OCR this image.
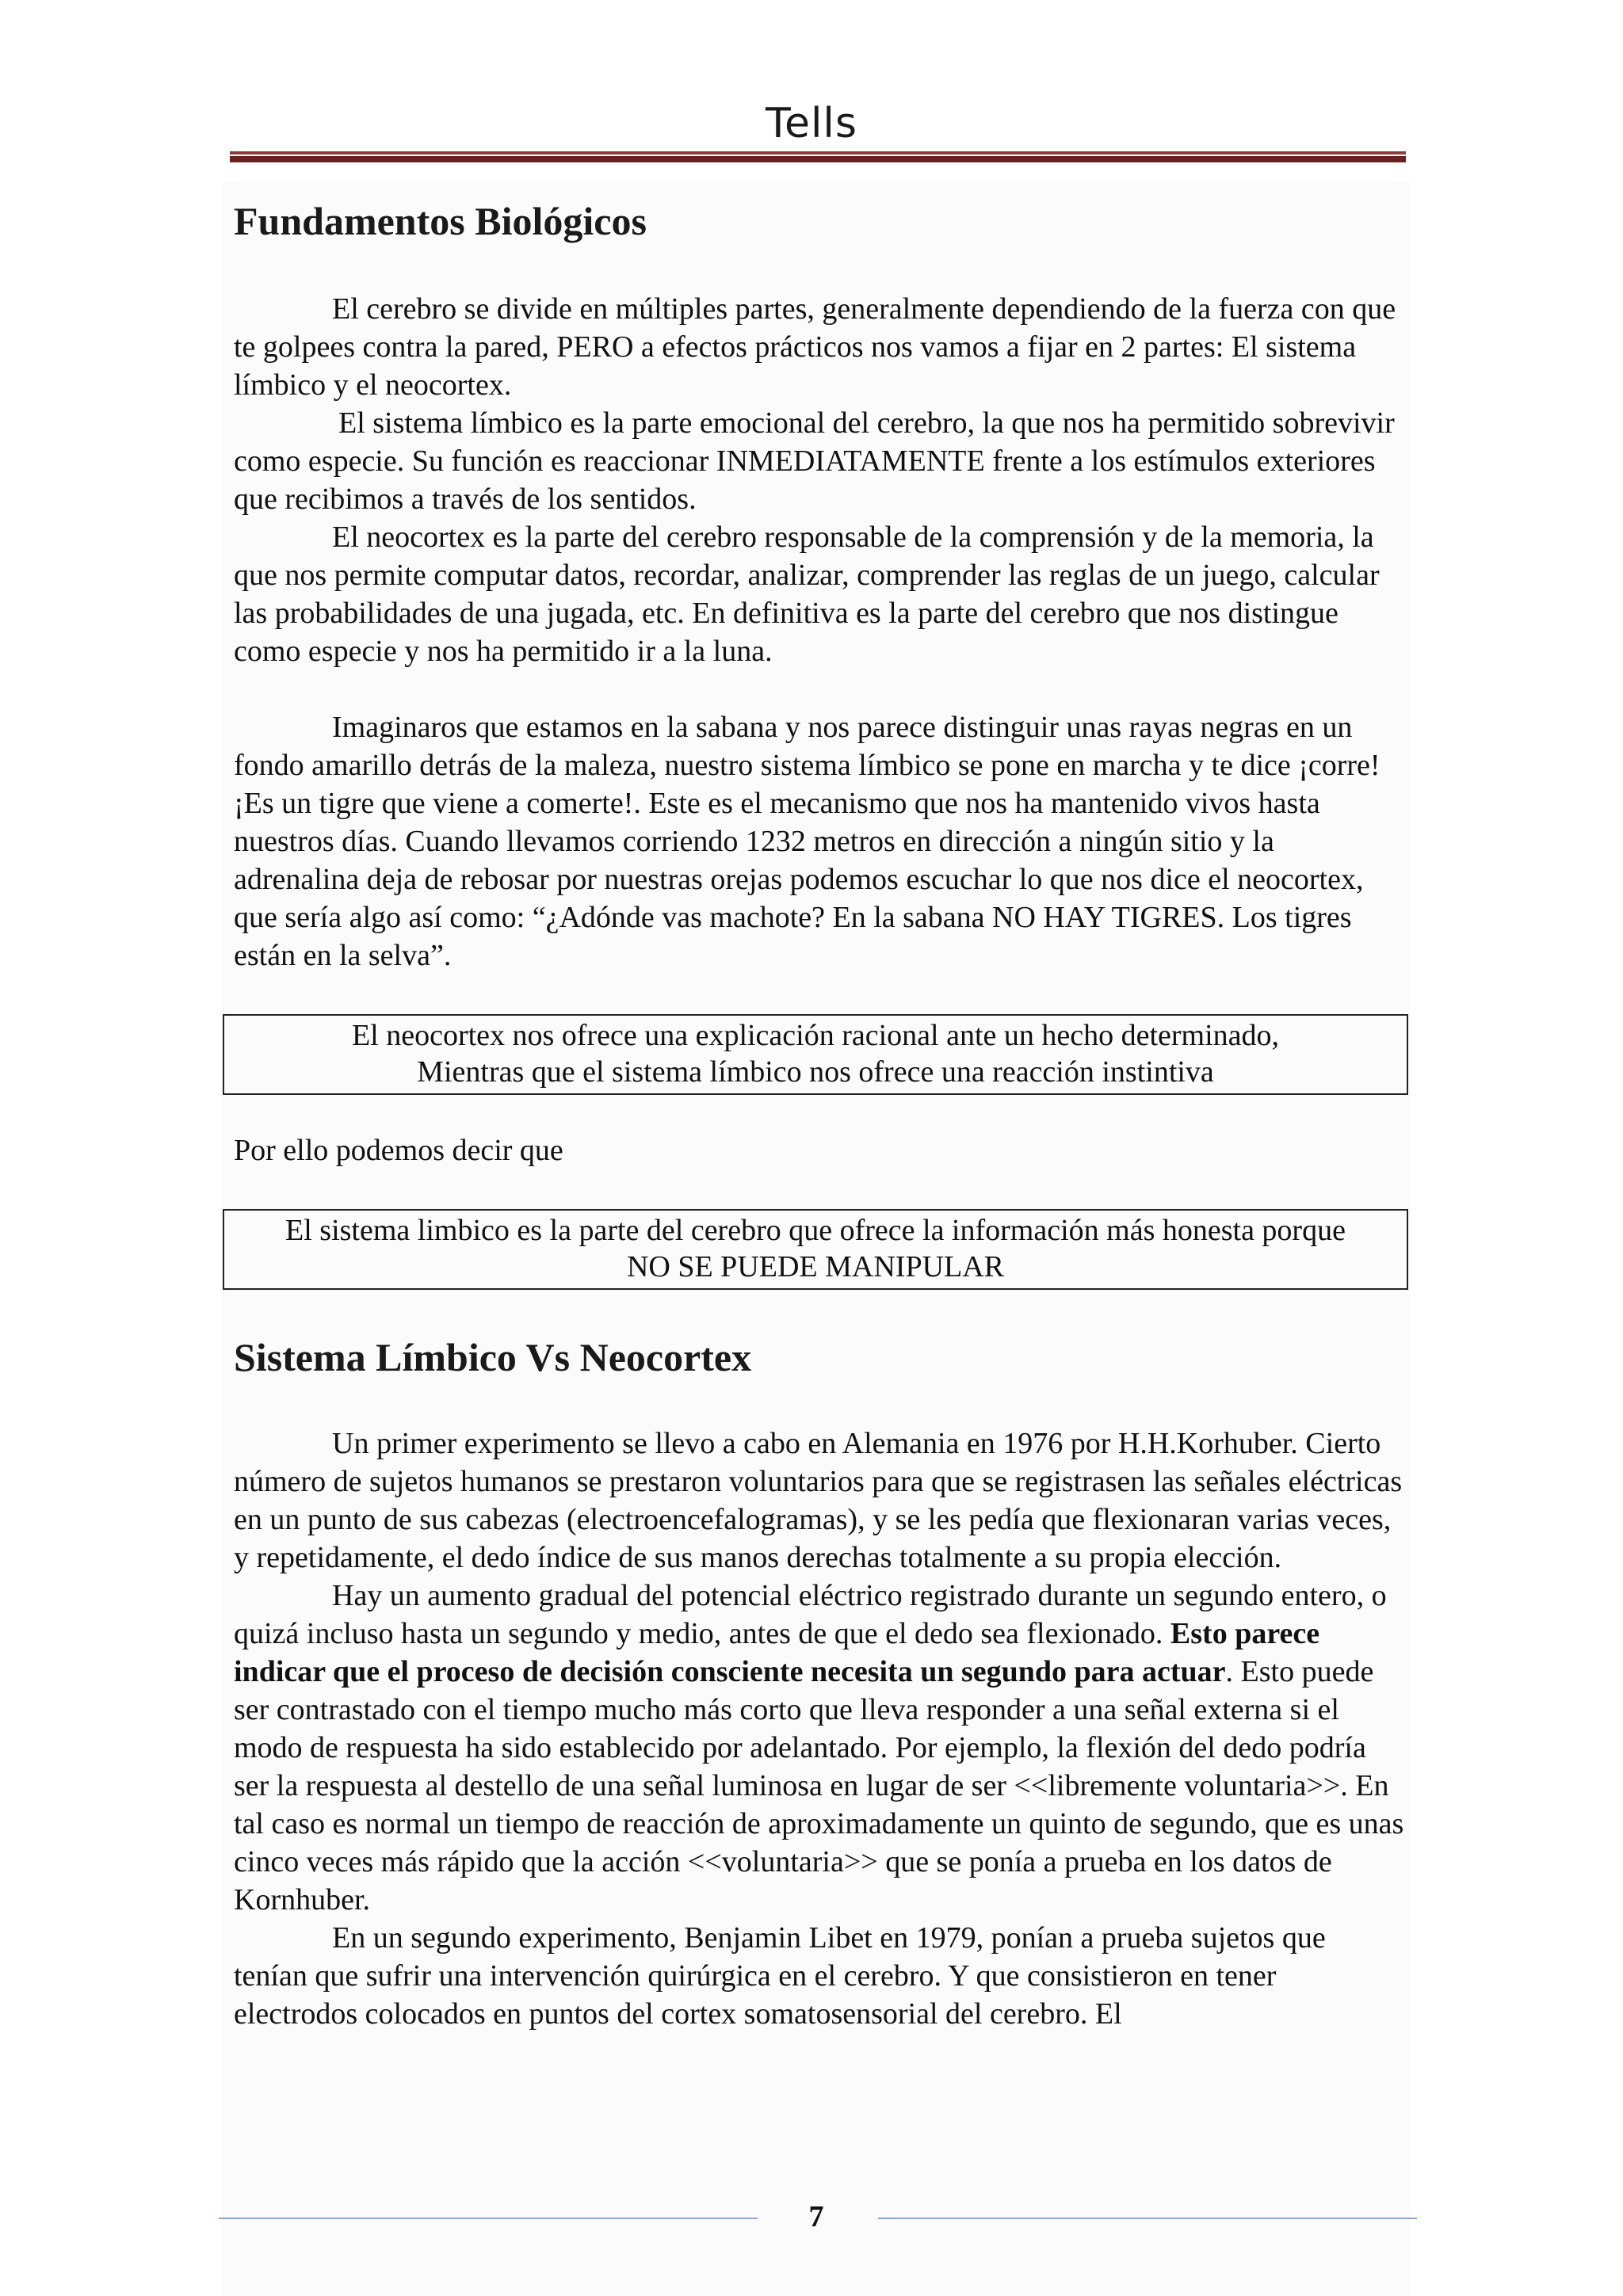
Tells
Fundamentos Biológicos

El cerebro se divide en múltiples partes, generalmente dependiendo de la fuerza con que te golpees contra la pared, PERO a efectos prácticos nos vamos a fijar en 2 partes: El sistema límbico y el neocortex.

El sistema límbico es la parte emocional del cerebro, la que nos ha permitido sobrevivir como especie. Su función es reaccionar INMEDIATAMENTE frente a los estímulos exteriores que recibimos a través de los sentidos.

El neocortex es la parte del cerebro responsable de la comprensión y de la memoria, la que nos permite computar datos, recordar, analizar, comprender las reglas de un juego, calcular las probabilidades de una jugada, etc. En definitiva es la parte del cerebro que nos distingue como especie y nos ha permitido ir a la luna.

Imaginaros que estamos en la sabana y nos parece distinguir unas rayas negras en un fondo amarillo detrás de la maleza, nuestro sistema límbico se pone en marcha y te dice ¡corre! ¡Es un tigre que viene a comerte!. Este es el mecanismo que nos ha mantenido vivos hasta nuestros días. Cuando llevamos corriendo 1232 metros en dirección a ningún sitio y la adrenalina deja de rebosar por nuestras orejas podemos escuchar lo que nos dice el neocortex, que sería algo así como: “¿Adónde vas machote? En la sabana NO HAY TIGRES. Los tigres están en la selva”.

El neocortex nos ofrece una explicación racional ante un hecho determinado,
Mientras que el sistema límbico nos ofrece una reacción instintiva

Por ello podemos decir que

El sistema limbico es la parte del cerebro que ofrece la información más honesta porque
NO SE PUEDE MANIPULAR
Sistema Límbico Vs Neocortex

Un primer experimento se llevo a cabo en Alemania en 1976 por H.H.Korhuber. Cierto número de sujetos humanos se prestaron voluntarios para que se registrasen las señales eléctricas en un punto de sus cabezas (electroencefalogramas), y se les pedía que flexionaran varias veces, y repetidamente, el dedo índice de sus manos derechas totalmente a su propia elección.

Hay un aumento gradual del potencial eléctrico registrado durante un segundo entero, o quizá incluso hasta un segundo y medio, antes de que el dedo sea flexionado. Esto parece indicar que el proceso de decisión consciente necesita un segundo para actuar. Esto puede ser contrastado con el tiempo mucho más corto que lleva responder a una señal externa si el modo de respuesta ha sido establecido por adelantado. Por ejemplo, la flexión del dedo podría ser la respuesta al destello de una señal luminosa en lugar de ser <<libremente voluntaria>>. En tal caso es normal un tiempo de reacción de aproximadamente un quinto de segundo, que es unas cinco veces más rápido que la acción <<voluntaria>> que se ponía a prueba en los datos de Kornhuber.

En un segundo experimento, Benjamin Libet en 1979, ponían a prueba sujetos que tenían que sufrir una intervención quirúrgica en el cerebro. Y que consistieron en tener electrodos colocados en puntos del cortex somatosensorial del cerebro. El

7
